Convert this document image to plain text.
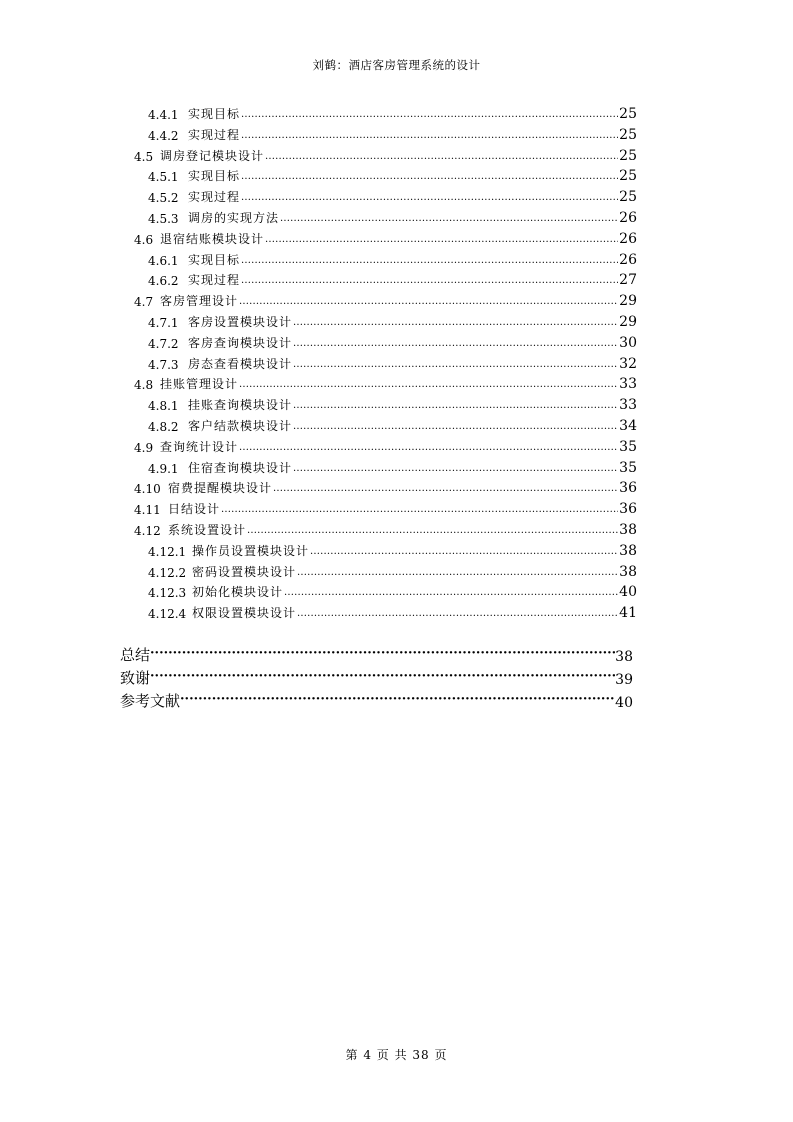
刘鹤：酒店客房管理系统的设计
4.4.1 实现目标 .....	25
4.4.2 实现过程 .....	25
4.5 调房登记模块设计 .....	25
4.5.1 实现目标 .....	25
4.5.2 实现过程 .....	25
4.5.3 调房的实现方法 .....	26
4.6 退宿结账模块设计 .....	26
4.6.1 实现目标 .....	26
4.6.2 实现过程 .....	27
4.7 客房管理设计 .....	29
4.7.1 客房设置模块设计 .....	29
4.7.2 客房查询模块设计 .....	30
4.7.3 房态查看模块设计 .....	32
4.8 挂账管理设计 .....	33
4.8.1 挂账查询模块设计 .....	33
4.8.2 客户结款模块设计 .....	34
4.9 查询统计设计 .....	35
4.9.1 住宿查询模块设计 .....	35
4.10 宿费提醒模块设计 .....	36
4.11 日结设计 .....	36
4.12 系统设置设计 .....	38
4.12.1 操作员设置模块设计 .....	38
4.12.2 密码设置模块设计 .....	38
4.12.3 初始化模块设计 .....	40
4.12.4 权限设置模块设计 .....	41
总结 ·····	38
致谢 ·····	39
参考文献 ·····	40
第 4 页 共 38 页
